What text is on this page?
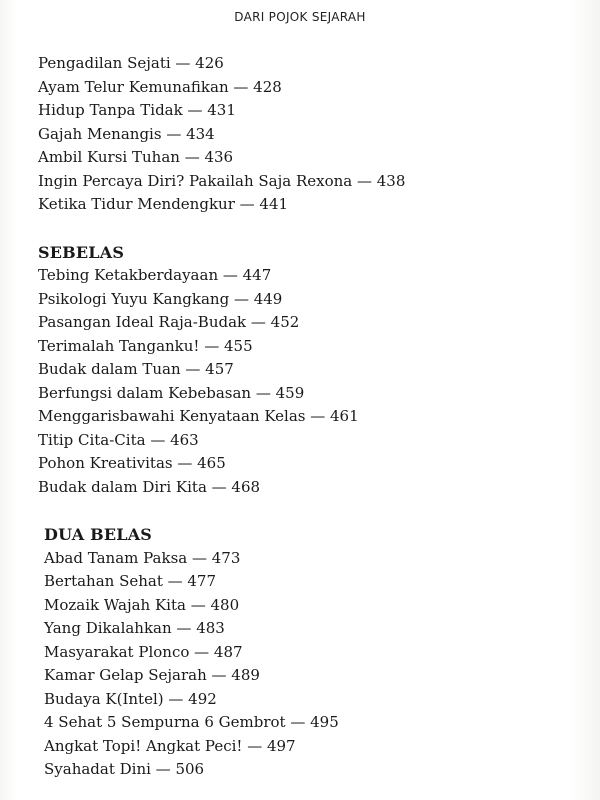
DARI POJOK SEJARAH
Pengadilan Sejati — 426
Ayam Telur Kemunafikan — 428
Hidup Tanpa Tidak — 431
Gajah Menangis — 434
Ambil Kursi Tuhan — 436
Ingin Percaya Diri? Pakailah Saja Rexona — 438
Ketika Tidur Mendengkur — 441
SEBELAS
Tebing Ketakberdayaan — 447
Psikologi Yuyu Kangkang — 449
Pasangan Ideal Raja-Budak — 452
Terimalah Tanganku! — 455
Budak dalam Tuan — 457
Berfungsi dalam Kebebasan — 459
Menggarisbawahi Kenyataan Kelas — 461
Titip Cita-Cita — 463
Pohon Kreativitas — 465
Budak dalam Diri Kita — 468
DUA BELAS
Abad Tanam Paksa — 473
Bertahan Sehat — 477
Mozaik Wajah Kita — 480
Yang Dikalahkan — 483
Masyarakat Plonco — 487
Kamar Gelap Sejarah — 489
Budaya K(Intel) — 492
4 Sehat 5 Sempurna 6 Gembrot — 495
Angkat Topi! Angkat Peci! — 497
Syahadat Dini — 506
